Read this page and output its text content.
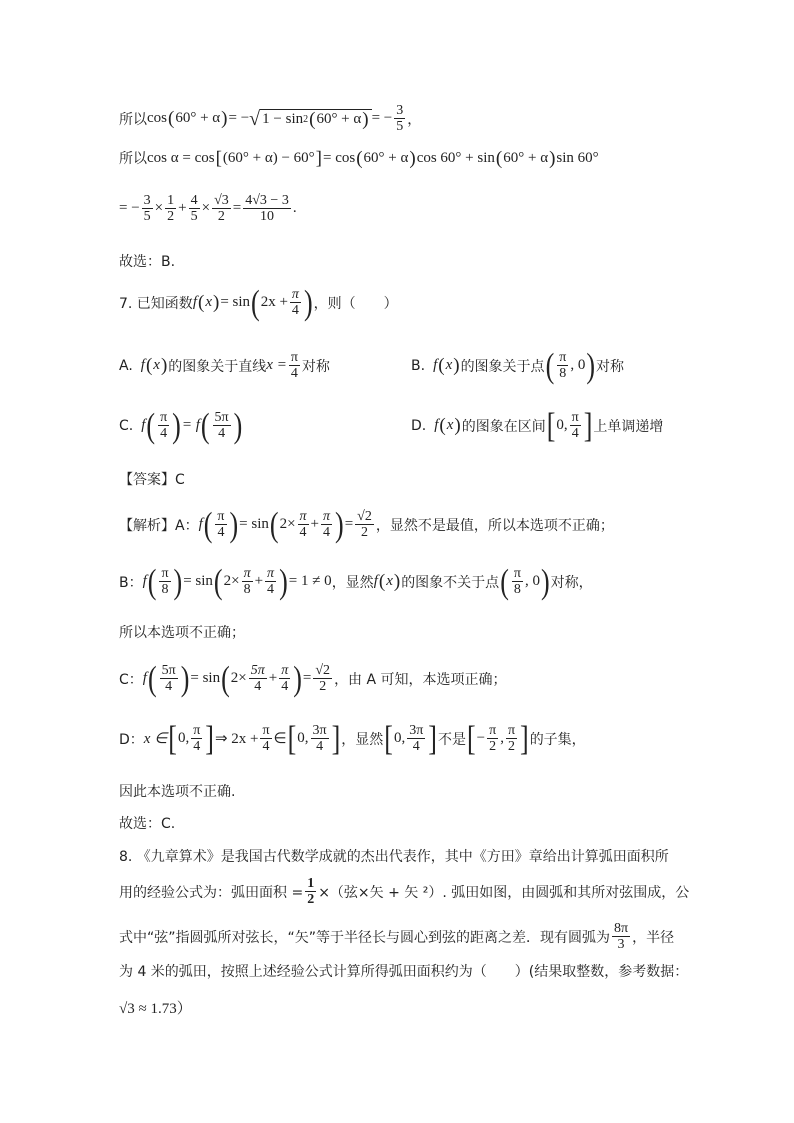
所以 cos ( 60° + α ) = − √ 1 − sin 2 ( 60° + α ) = − $\frac{3}{5}$ ，
所以 cos α = cos [ (60° + α) − 60° ] = cos ( 60° + α ) cos 60° + sin ( 60° + α ) sin 60°
= − $\frac{3}{5} \times \frac{1}{2} + \frac{4}{5} \times \frac{√3}{2} = \frac{4√3 - 3}{10}$ .
故选：B.
7. 已知函数 f ( x ) = sin ( $2x + \frac{\pi}{4}$ ) ，则（　　）
A. f ( x ) 的图象关于直线 $x = \frac{\pi}{4}$ 对称	B. f ( x ) 的图象关于点 ( $\frac{\pi}{8}$ , 0 ) 对称
C. f ( $\frac{\pi}{4}$ ) = f ( $\frac{5\pi}{4}$ )	D. f ( x ) 的图象在区间 [ 0, $\frac{\pi}{4}$ ] 上单调递增
【答案】C
【解析】A： f ( $\frac{\pi}{4}$ ) = sin ( $2\times \frac{\pi}{4} + \frac{\pi}{4}$ ) = $\frac{√2}{2}$ ，显然不是最值，所以本选项不正确；
B： f ( $\frac{\pi}{8}$ ) = sin ( $2\times \frac{\pi}{8} + \frac{\pi}{4}$ ) = 1 ≠ 0 ，显然 f ( x ) 的图象不关于点 ( $\frac{\pi}{8}$ , 0 ) 对称，
所以本选项不正确；
C： f ( $\frac{5\pi}{4}$ ) = sin ( $2\times \frac{5\pi}{4} + \frac{\pi}{4}$ ) = $\frac{√2}{2}$ ，由 A 可知，本选项正确；
D： x ∈ [ 0, $\frac{\pi}{4}$ ] ⇒ $2x + \frac{\pi}{4}$ ∈ [ 0, $\frac{3\pi}{4}$ ] ，显然 [ 0, $\frac{3\pi}{4}$ ] 不是 [ − $\frac{\pi}{2}$ , $\frac{\pi}{2}$ ] 的子集，
因此本选项不正确.
故选：C.
8. 《九章算术》是我国古代数学成就的杰出代表作，其中《方田》章给出计算弧田面积所
用的经验公式为：弧田面积 = $\frac{1}{2}$ ×（弦×矢 + 矢 ²）. 弧田如图，由圆弧和其所对弦围成，公
式中“弦”指圆弧所对弦长，“矢”等于半径长与圆心到弦的距离之差．现有圆弧为 $\frac{8\pi}{3}$ ，半径
为 4 米的弧田，按照上述经验公式计算所得弧田面积约为（　　）(结果取整数，参考数据：
√3 ≈ 1.73）
